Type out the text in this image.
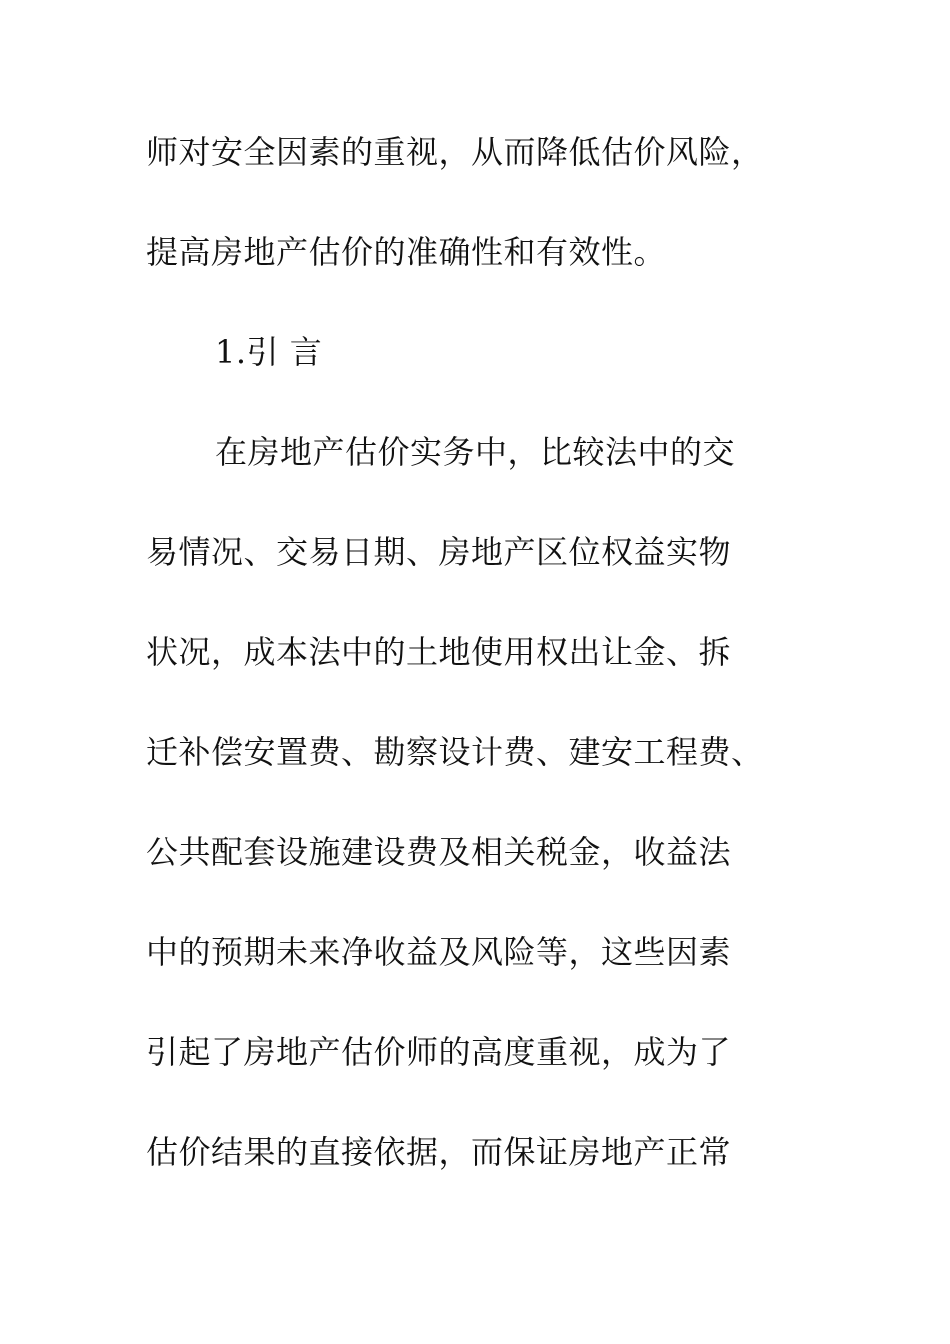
师对安全因素的重视，从而降低估价风险，
提高房地产估价的准确性和有效性。
1.引 言
在房地产估价实务中，比较法中的交
易情况、交易日期、房地产区位权益实物
状况，成本法中的土地使用权出让金、拆
迁补偿安置费、勘察设计费、建安工程费、
公共配套设施建设费及相关税金，收益法
中的预期未来净收益及风险等，这些因素
引起了房地产估价师的高度重视，成为了
估价结果的直接依据，而保证房地产正常
